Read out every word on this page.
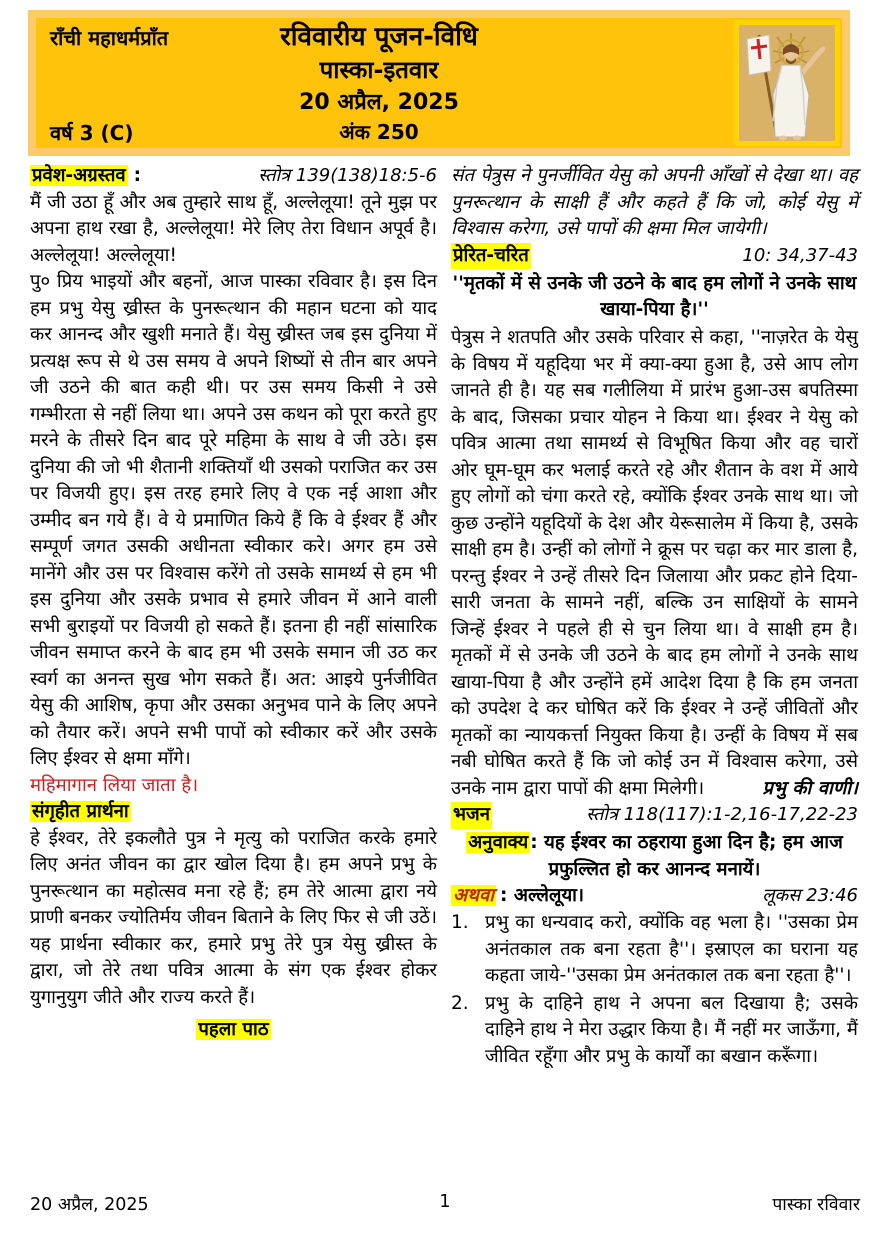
राँची महाधर्मप्राँत	रविवारीय पूजन-विधि
पास्का-इतवार
20 अप्रैल, 2025
अंक 250
वर्ष 3 (C)
प्रवेश-अग्रस्तव :	स्तोत्र 139(138)18:5-6

मैं जी उठा हूँ और अब तुम्हारे साथ हूँ, अल्लेलूया! तूने मुझ पर अपना हाथ रखा है, अल्लेलूया! मेरे लिए तेरा विधान अपूर्व है। अल्लेलूया! अल्लेलूया!

पु० प्रिय भाइयों और बहनों, आज पास्का रविवार है। इस दिन हम प्रभु येसु ख्रीस्त के पुनरूत्थान की महान घटना को याद कर आनन्द और खुशी मनाते हैं। येसु ख्रीस्त जब इस दुनिया में प्रत्यक्ष रूप से थे उस समय वे अपने शिष्यों से तीन बार अपने जी उठने की बात कही थी। पर उस समय किसी ने उसे गम्भीरता से नहीं लिया था। अपने उस कथन को पूरा करते हुए मरने के तीसरे दिन बाद पूरे महिमा के साथ वे जी उठे। इस दुनिया की जो भी शैतानी शक्तियाँ थी उसको पराजित कर उस पर विजयी हुए। इस तरह हमारे लिए वे एक नई आशा और उम्मीद बन गये हैं। वे ये प्रमाणित किये हैं कि वे ईश्वर हैं और सम्पूर्ण जगत उसकी अधीनता स्वीकार करे। अगर हम उसे मानेंगे और उस पर विश्वास करेंगे तो उसके सामर्थ्य से हम भी इस दुनिया और उसके प्रभाव से हमारे जीवन में आने वाली सभी बुराइयों पर विजयी हो सकते हैं। इतना ही नहीं सांसारिक जीवन समाप्त करने के बाद हम भी उसके समान जी उठ कर स्वर्ग का अनन्त सुख भोग सकते हैं। अत: आइये पुर्नजीवित येसु की आशिष, कृपा और उसका अनुभव पाने के लिए अपने को तैयार करें। अपने सभी पापों को स्वीकार करें और उसके लिए ईश्वर से क्षमा माँगे।

महिमागान लिया जाता है।

संगृहीत प्रार्थना

हे ईश्वर, तेरे इकलौते पुत्र ने मृत्यु को पराजित करके हमारे लिए अनंत जीवन का द्वार खोल दिया है। हम अपने प्रभु के पुनरूत्थान का महोत्सव मना रहे हैं; हम तेरे आत्मा द्वारा नये प्राणी बनकर ज्योतिर्मय जीवन बिताने के लिए फिर से जी उठें। यह प्रार्थना स्वीकार कर, हमारे प्रभु तेरे पुत्र येसु ख्रीस्त के द्वारा, जो तेरे तथा पवित्र आत्मा के संग एक ईश्वर होकर युगानुयुग जीते और राज्य करते हैं।

पहला पाठ

संत पेत्रुस ने पुनर्जीवित येसु को अपनी आँखों से देखा था। वह पुनरूत्थान के साक्षी हैं और कहते हैं कि जो, कोई येसु में विश्वास करेगा, उसे पापों की क्षमा मिल जायेगी।

प्रेरित-चरित	10: 34,37-43
''मृतकों में से उनके जी उठने के बाद हम लोगों ने उनके साथ खाया-पिया है।''

पेत्रुस ने शतपति और उसके परिवार से कहा, ''नाज़रेत के येसु के विषय में यहूदिया भर में क्या-क्या हुआ है, उसे आप लोग जानते ही है। यह सब गलीलिया में प्रारंभ हुआ-उस बपतिस्मा के बाद, जिसका प्रचार योहन ने किया था। ईश्वर ने येसु को पवित्र आत्मा तथा सामर्थ्य से विभूषित किया और वह चारों ओर घूम-घूम कर भलाई करते रहे और शैतान के वश में आये हुए लोगों को चंगा करते रहे, क्योंकि ईश्वर उनके साथ था। जो कुछ उन्होंने यहूदियों के देश और येरूसालेम में किया है, उसके साक्षी हम है। उन्हीं को लोगों ने क्रूस पर चढ़ा कर मार डाला है, परन्तु ईश्वर ने उन्हें तीसरे दिन जिलाया और प्रकट होने दिया-सारी जनता के सामने नहीं, बल्कि उन साक्षियों के सामने जिन्हें ईश्वर ने पहले ही से चुन लिया था। वे साक्षी हम है। मृतकों में से उनके जी उठने के बाद हम लोगों ने उनके साथ खाया-पिया है और उन्होंने हमें आदेश दिया है कि हम जनता को उपदेश दे कर घोषित करें कि ईश्वर ने उन्हें जीवितों और मृतकों का न्यायकर्त्ता नियुक्त किया है। उन्हीं के विषय में सब नबी घोषित करते हैं कि जो कोई उन में विश्वास करेगा, उसे उनके नाम द्वारा पापों की क्षमा मिलेगी।	प्रभु की वाणी।

भजन	स्तोत्र 118(117):1-2,16-17,22-23
अनुवाक्य : यह ईश्वर का ठहराया हुआ दिन है; हम आज प्रफुल्लित हो कर आनन्द मनायें।
अथवा : अल्लेलूया।	लूकस 23:46
1. प्रभु का धन्यवाद करो, क्योंकि वह भला है। ''उसका प्रेम अनंतकाल तक बना रहता है''। इस्राएल का घराना यह कहता जाये-''उसका प्रेम अनंतकाल तक बना रहता है''।
2. प्रभु के दाहिने हाथ ने अपना बल दिखाया है; उसके दाहिने हाथ ने मेरा उद्धार किया है। मैं नहीं मर जाऊँगा, मैं जीवित रहूँगा और प्रभु के कार्यों का बखान करूँगा।
20 अप्रैल, 2025	1	पास्का रविवार
